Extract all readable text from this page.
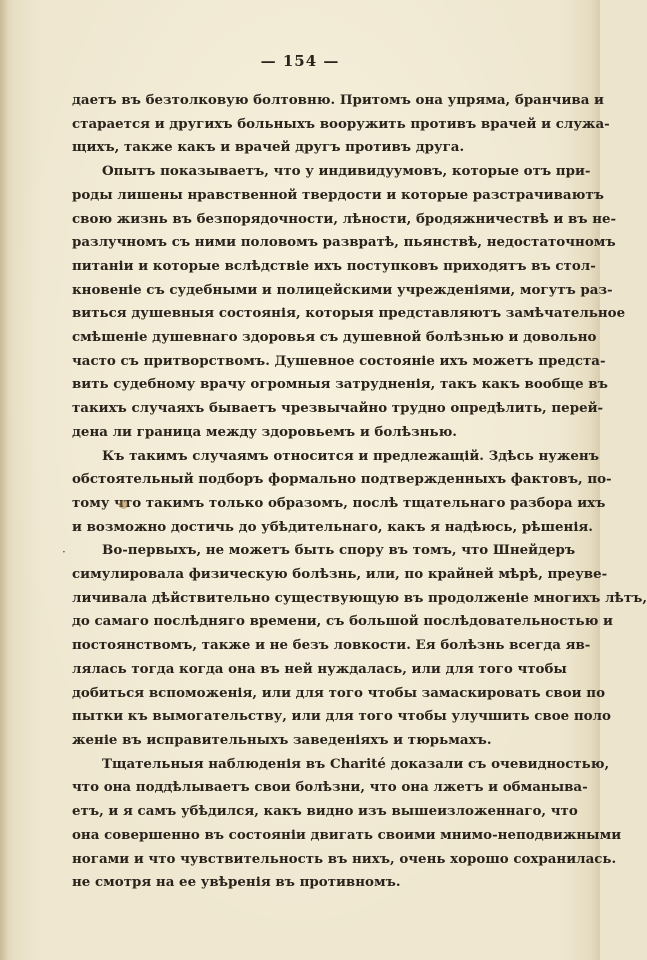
— 154 —
даетъ въ безтолковую болтовню. Притомъ она упряма, бранчива и
старается и другихъ больныхъ вооружить противъ врачей и служа-
щихъ, также какъ и врачей другъ противъ друга.
Опытъ показываетъ, что у индивидуумовъ, которые отъ при-
роды лишены нравственной твердости и которые разстрачиваютъ
свою жизнь въ безпорядочности, лѣности, бродяжничествѣ и въ не-
разлучномъ съ ними половомъ развратѣ, пьянствѣ, недостаточномъ
питаніи и которые вслѣдствіе ихъ поступковъ приходятъ въ стол-
кновеніе съ судебными и полицейскими учрежденіями, могутъ раз-
виться душевныя состоянія, которыя представляютъ замѣчательное
смѣшеніе душевнаго здоровья съ душевной болѣзнью и довольно
часто съ притворствомъ. Душевное состояніе ихъ можетъ предста-
вить судебному врачу огромныя затрудненія, такъ какъ вообще въ
такихъ случаяхъ бываетъ чрезвычайно трудно опредѣлить, перей-
дена ли граница между здоровьемъ и болѣзнью.
Къ такимъ случаямъ относится и предлежащій. Здѣсь нуженъ
обстоятельный подборъ формально подтвержденныхъ фактовъ, по-
тому что такимъ только образомъ, послѣ тщательнаго разбора ихъ
и возможно достичь до убѣдительнаго, какъ я надѣюсь, рѣшенія.
Во-первыхъ, не можетъ быть спору въ томъ, что Шнейдеръ
симулировала физическую болѣзнь, или, по крайней мѣрѣ, преуве-
личивала дѣйствительно существующую въ продолженіе многихъ лѣтъ,
до самаго послѣдняго времени, съ большой послѣдовательностью и
постоянствомъ, также и не безъ ловкости. Ея болѣзнь всегда яв-
лялась тогда когда она въ ней нуждалась, или для того чтобы
добиться вспоможенія, или для того чтобы замаскировать свои по
пытки къ вымогательству, или для того чтобы улучшить свое поло
женіе въ исправительныхъ заведеніяхъ и тюрьмахъ.
Тщательныя наблюденія въ Charité доказали съ очевидностью,
что она поддѣлываетъ свои болѣзни, что она лжетъ и обманыва-
етъ, и я самъ убѣдился, какъ видно изъ вышеизложеннаго, что
она совершенно въ состояніи двигать своими мнимо-неподвижными
ногами и что чувствительность въ нихъ, очень хорошо сохранилась.
не смотря на ее увѣренія въ противномъ.
·
